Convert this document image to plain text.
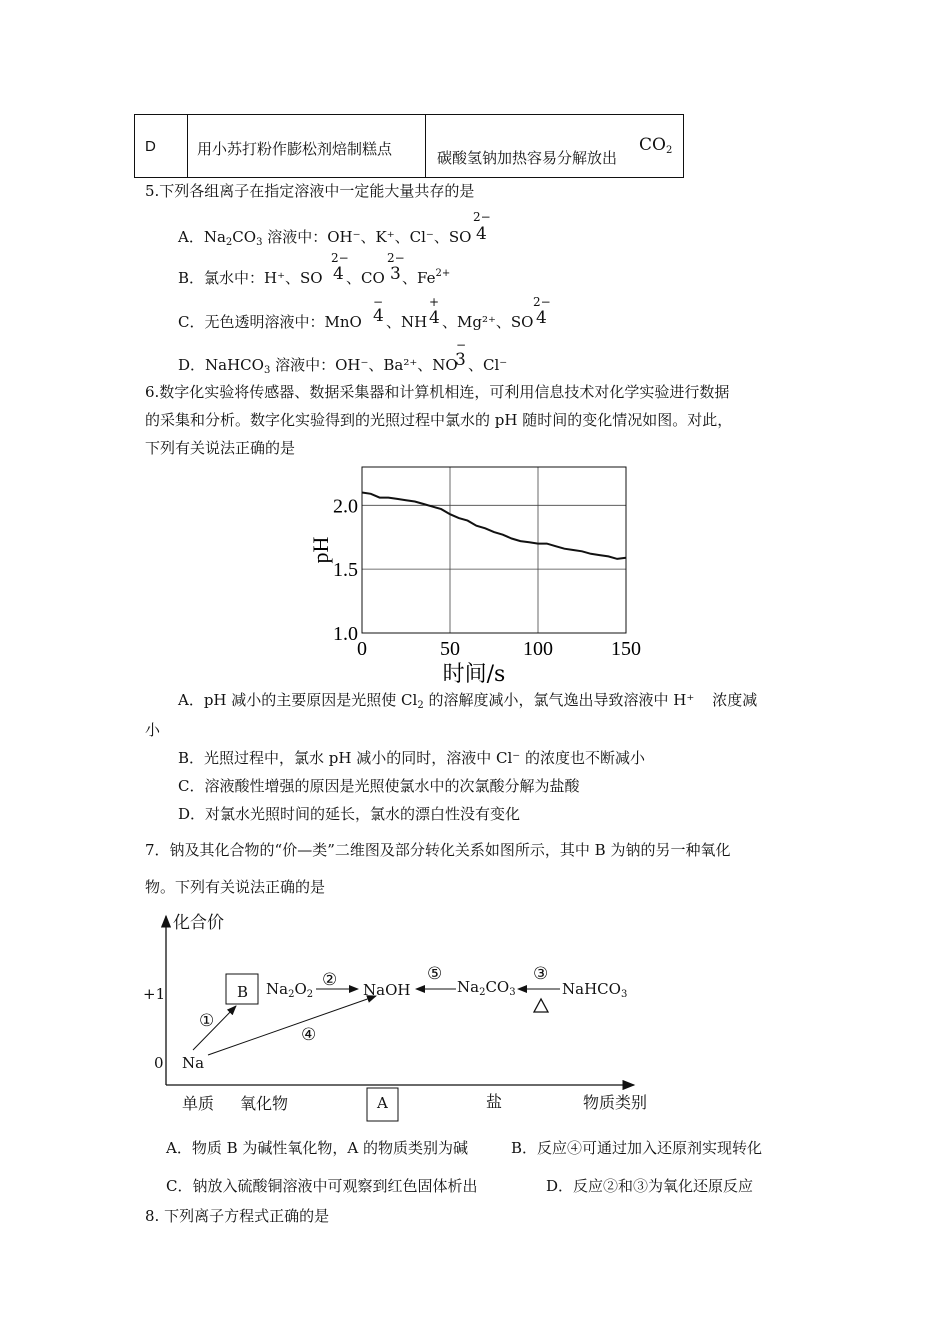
D	用小苏打粉作膨松剂焙制糕点	碳酸氢钠加热容易分解放出
$CO_2$
5.下列各组离子在指定溶液中一定能大量共存的是
A．$Na_2CO_3$ 溶液中：OH⁻、K⁺、Cl⁻、SO
2−
4
B．氯水中：H⁺、SO
2−
4 、CO
2−
3 、$Fe^{2+}$
C．无色透明溶液中：MnO
−
4 、NH
+
4 、Mg²⁺、SO
2−
4
D．NaHCO$_3$ 溶液中：OH⁻、Ba²⁺、NO
−
3 、Cl⁻
6.数字化实验将传感器、数据采集器和计算机相连，可利用信息技术对化学实验进行数据
的采集和分析。数字化实验得到的光照过程中氯水的 pH 随时间的变化情况如图。对此，
下列有关说法正确的是
0	50	100	150
1.0
1.5
2.0
pH
时间/s
A．pH 减小的主要原因是光照使 $Cl_2$ 的溶解度减小，氯气逸出导致溶液中 H⁺ 浓度减
小
B．光照过程中，氯水 pH 减小的同时，溶液中 Cl⁻ 的浓度也不断减小
C．溶液酸性增强的原因是光照使氯水中的次氯酸分解为盐酸
D．对氯水光照时间的延长，氯水的漂白性没有变化
7．钠及其化合物的“价—类”二维图及部分转化关系如图所示，其中 B 为钠的另一种氧化
物。下列有关说法正确的是
化合价
+1
0
单质 氧化物	A	盐	物质类别
B
Na
$Na_2O_2$	NaOH	$Na_2CO_3$	NaHCO$_3$
①
②	③
④
⑤
A．物质 B 为碱性氧化物，A 的物质类别为碱	B．反应④可通过加入还原剂实现转化
C．钠放入硫酸铜溶液中可观察到红色固体析出	D．反应②和③为氧化还原反应
8. 下列离子方程式正确的是
